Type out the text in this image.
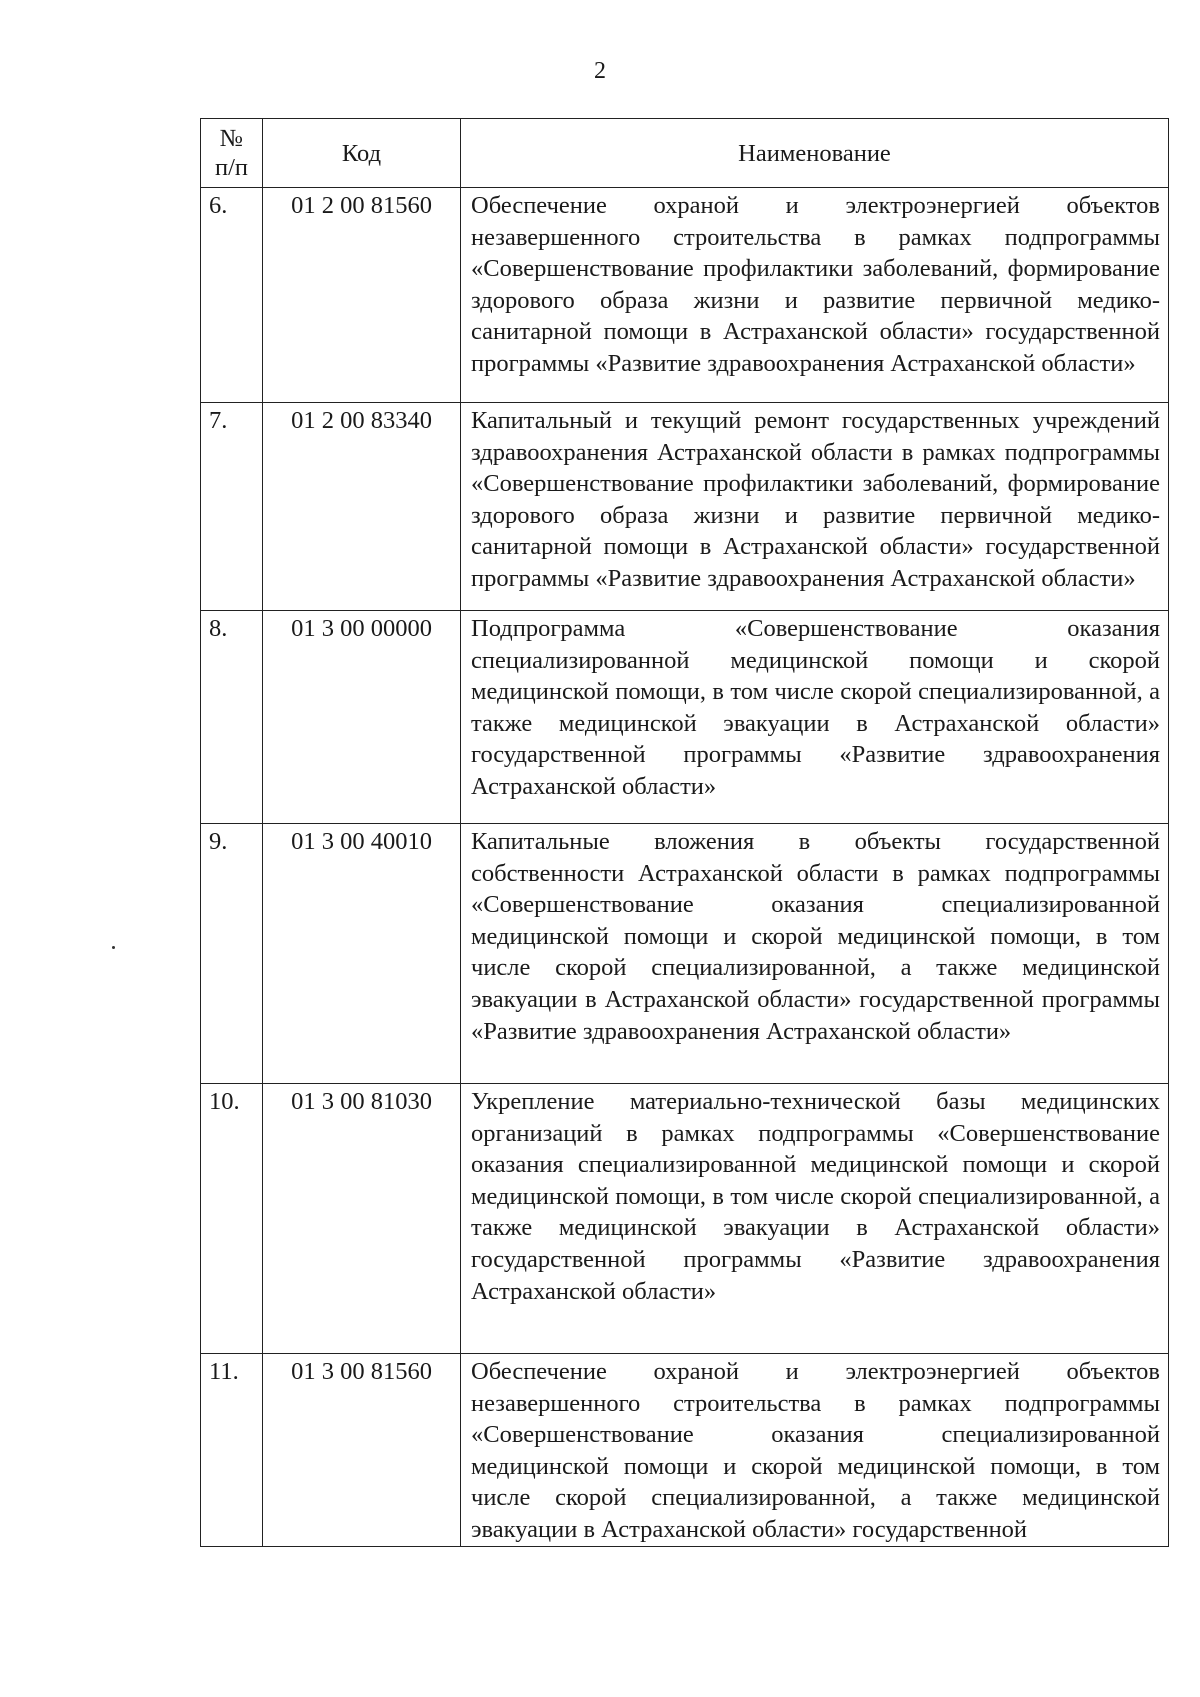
2
№
п/п	Код	Наименование
6.	01 2 00 81560	Обеспечение охраной и электроэнергией объектов незавершенного строительства в рамках подпрограммы «Совершенствование профилактики заболеваний, формирование здорового образа жизни и развитие первичной медико-санитарной помощи в Астраханской области» государственной программы «Развитие здравоохранения Астраханской области»

7.	01 2 00 83340	Капитальный и текущий ремонт государственных учреждений здравоохранения Астраханской области в рамках подпрограммы «Совершенствование профилактики заболеваний, формирование здорового образа жизни и развитие первичной медико-санитарной помощи в Астраханской области» государственной программы «Развитие здравоохранения Астраханской области»

8.	01 3 00 00000	Подпрограмма «Совершенствование оказания специализированной медицинской помощи и скорой медицинской помощи, в том числе скорой специализированной, а также медицинской эвакуации в Астраханской области» государственной программы «Развитие здравоохранения Астраханской области»

9.	01 3 00 40010	Капитальные вложения в объекты государственной собственности Астраханской области в рамках подпрограммы «Совершенствование оказания специализированной медицинской помощи и скорой медицинской помощи, в том числе скорой специализированной, а также медицинской эвакуации в Астраханской области» государственной программы «Развитие здравоохранения Астраханской области»

10.	01 3 00 81030	Укрепление материально-технической базы медицинских организаций в рамках подпрограммы «Совершенствование оказания специализированной медицинской помощи и скорой медицинской помощи, в том числе скорой специализированной, а также медицинской эвакуации в Астраханской области» государственной программы «Развитие здравоохранения Астраханской области»

11.	01 3 00 81560	Обеспечение охраной и электроэнергией объектов незавершенного строительства в рамках подпрограммы «Совершенствование оказания специализированной медицинской помощи и скорой медицинской помощи, в том числе скорой специализированной, а также медицинской эвакуации в Астраханской области» государственной
